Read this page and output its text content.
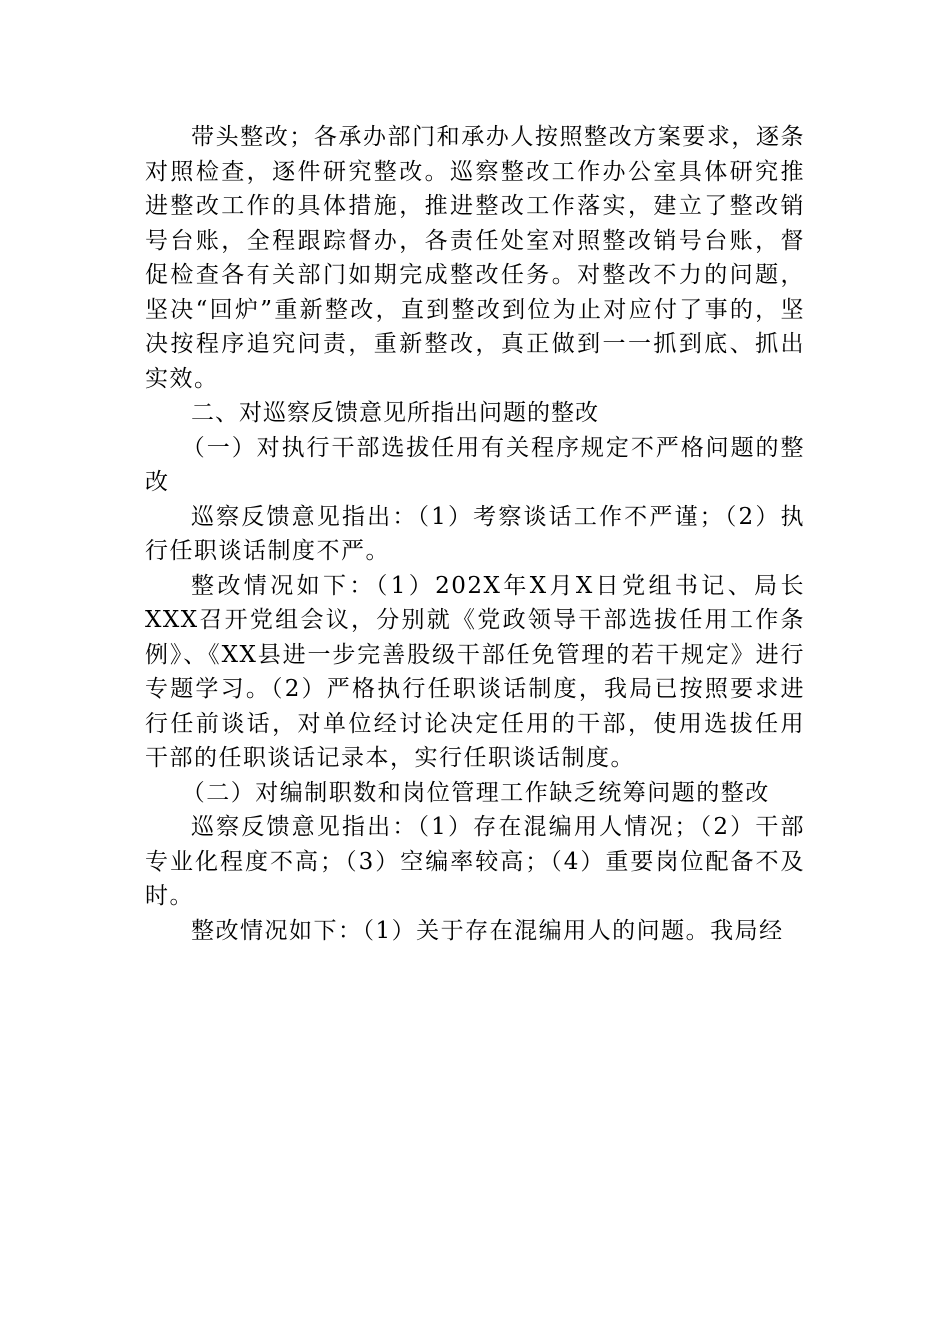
带头整改；各承办部门和承办人按照整改方案要求，逐条对照检查，逐件研究整改。巡察整改工作办公室具体研究推进整改工作的具体措施，推进整改工作落实，建立了整改销号台账，全程跟踪督办，各责任处室对照整改销号台账，督促检查各有关部门如期完成整改任务。对整改不力的问题，坚决“回炉”重新整改，直到整改到位为止对应付了事的，坚决按程序追究问责，重新整改，真正做到一一抓到底、抓出实效。

二、对巡察反馈意见所指出问题的整改

（一）对执行干部选拔任用有关程序规定不严格问题的整改

巡察反馈意见指出：（1）考察谈话工作不严谨；（2）执行任职谈话制度不严。

整改情况如下：（1）202X年X月X日党组书记、局长XXX召开党组会议，分别就《党政领导干部选拔任用工作条例》、《XX县进一步完善股级干部任免管理的若干规定》进行专题学习。（2）严格执行任职谈话制度，我局已按照要求进行任前谈话，对单位经讨论决定任用的干部，使用选拔任用干部的任职谈话记录本，实行任职谈话制度。

（二）对编制职数和岗位管理工作缺乏统筹问题的整改

巡察反馈意见指出：（1）存在混编用人情况；（2）干部专业化程度不高；（3）空编率较高；（4）重要岗位配备不及时。

整改情况如下：（1）关于存在混编用人的问题。我局经
